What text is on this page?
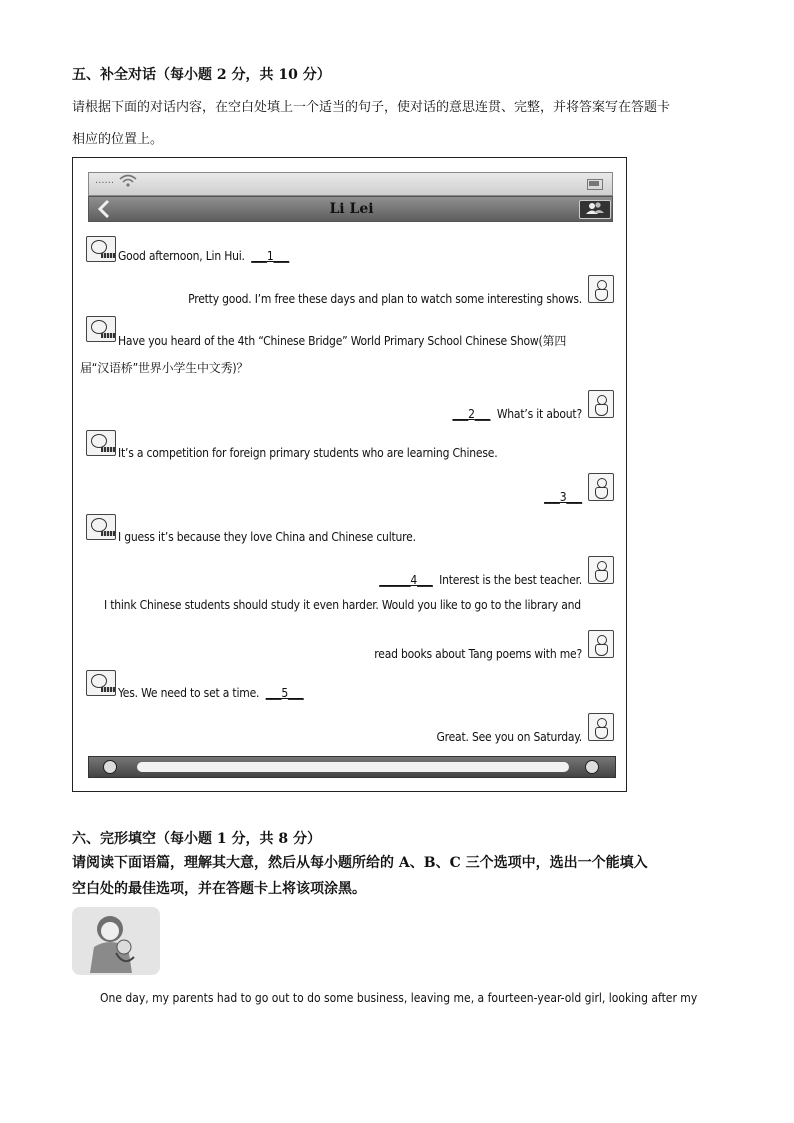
五、补全对话（每小题 2 分，共 10 分）
请根据下面的对话内容，在空白处填上一个适当的句子，使对话的意思连贯、完整，并将答案写在答题卡
相应的位置上。
······
Li Lei
Good afternoon, Lin Hui. ___1___
Pretty good. I’m free these days and plan to watch some interesting shows.
Have you heard of the 4th “Chinese Bridge” World Primary School Chinese Show(第四
届“汉语桥”世界小学生中文秀)？
___2___ What’s it about?
It’s a competition for foreign primary students who are learning Chinese.
___3___
I guess it’s because they love China and Chinese culture.
______4___ Interest is the best teacher.
I think Chinese students should study it even harder. Would you like to go to the library and
read books about Tang poems with me?
Yes. We need to set a time. ___5___
Great. See you on Saturday.
六、完形填空（每小题 1 分，共 8 分）
请阅读下面语篇，理解其大意，然后从每小题所给的 A、B、C 三个选项中，选出一个能填入
空白处的最佳选项，并在答题卡上将该项涂黑。
One day, my parents had to go out to do some business, leaving me, a fourteen-year-old girl, looking after my
